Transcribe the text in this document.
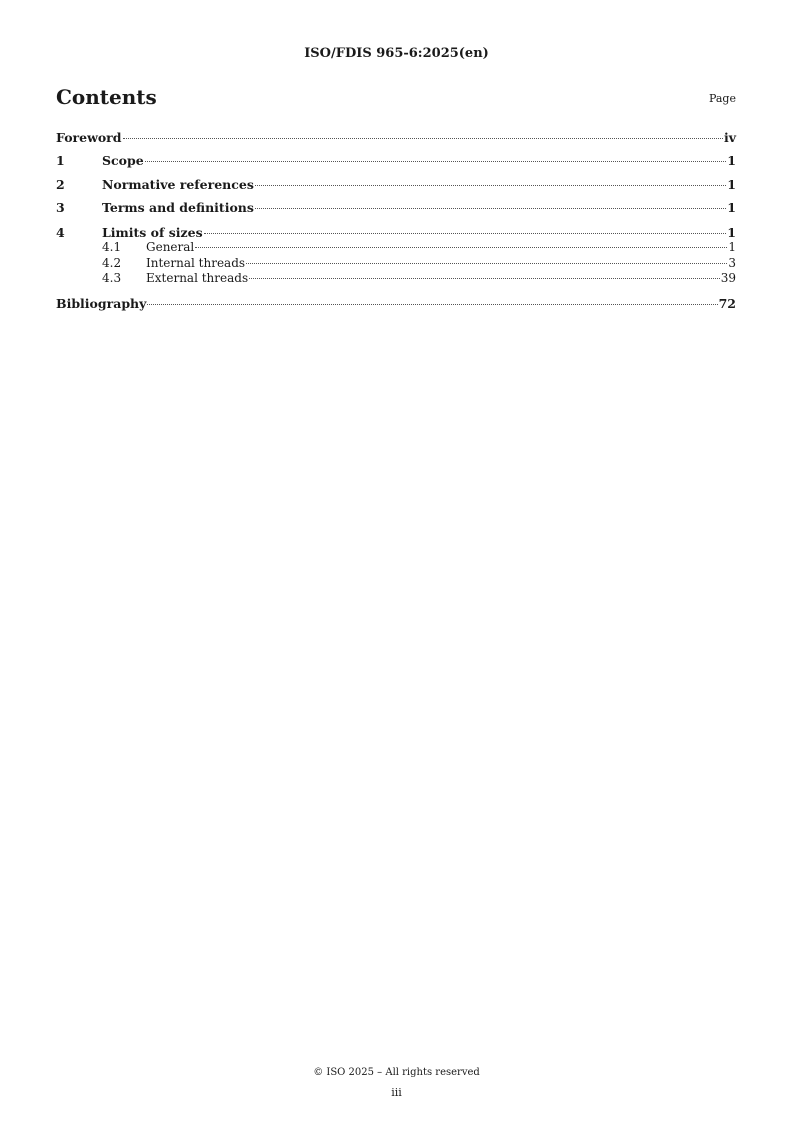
ISO/FDIS 965-6:2025(en)
Contents	Page
Foreword	iv
1	Scope	1
2	Normative references	1
3	Terms and definitions	1
4	Limits of sizes	1
4.1	General	1
4.2	Internal threads	3
4.3	External threads	39
Bibliography	72
© ISO 2025 – All rights reserved
iii
